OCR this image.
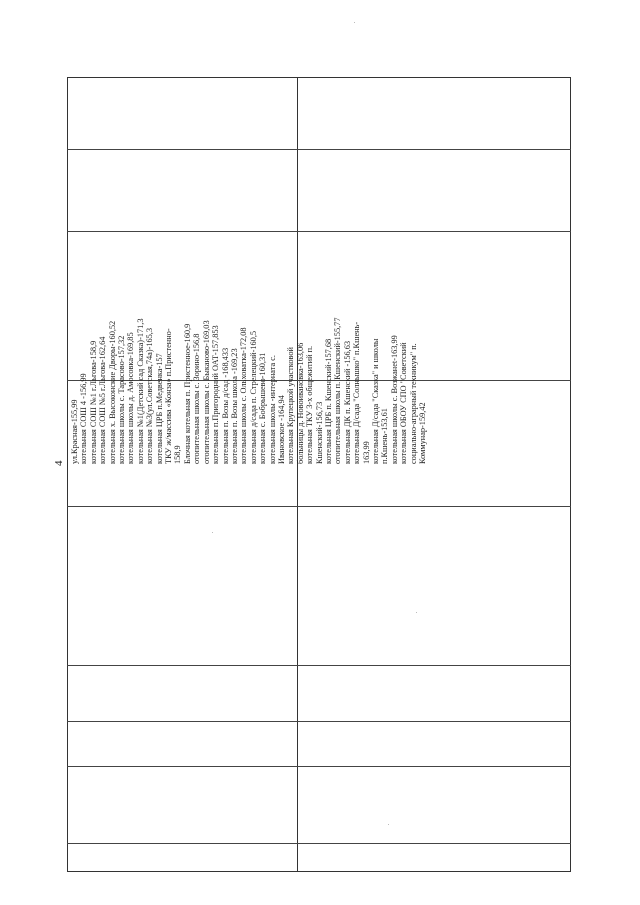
4 ул.Красная-155,99 котельная СОШ 4 -156,99 котельная СОШ №1 г.Льгова-158,9 котельная СОШ №5 г.Льгова-162,64 котельная х. Высоконские Дворы-160,52 котельная школы с. Тарасово-157,32 котельная школы д. Амосовка-169,85 котельная №1(Детский сад Сказка)-171,3 котельная №3(ул.Советская,74а)-165,3 котельная ЦРБ п.Медвенка-157 ТКУ ж/массива «Конза» п.Пристенно- 158,9 Блочная котельная п. Пристенное-160,9 отопительная школы с. Зорино-156,8 отопительная школы с. Быканово-169,03 котельная п.Пригородний ОАТ-157,853 котельная п. Возы д/сад -168,433 котельная п. Возы школа -169,23 котельная школы с. Ольховатка-172,08 котельная д/сада п. Стрелецкий-160,5 котельная с. Бобрышево-160,31 котельная школы -интерната с. Ивановское -164,94 котельная Крупецкой участковой больницы д. Новоивановка-163,06 котельная ТКУ 3-х общежитий п. Кшенский-156,73 котельная ЦРБ п. Кшенский-157,68 отопительная школы п. Кшенский-155,77 котельная ДК п. Кшенский -156,63 котельная Д/сада "Солнышко" п.Кшень- 163,99 котельная Д/сада "Сказка" и школы п.Кшень-153,61 котельная школы с. Возжанеt-163,99 котельная ОБОУ СПО "Советский социально-аграрный техникум" п. Коммунар-159,42
